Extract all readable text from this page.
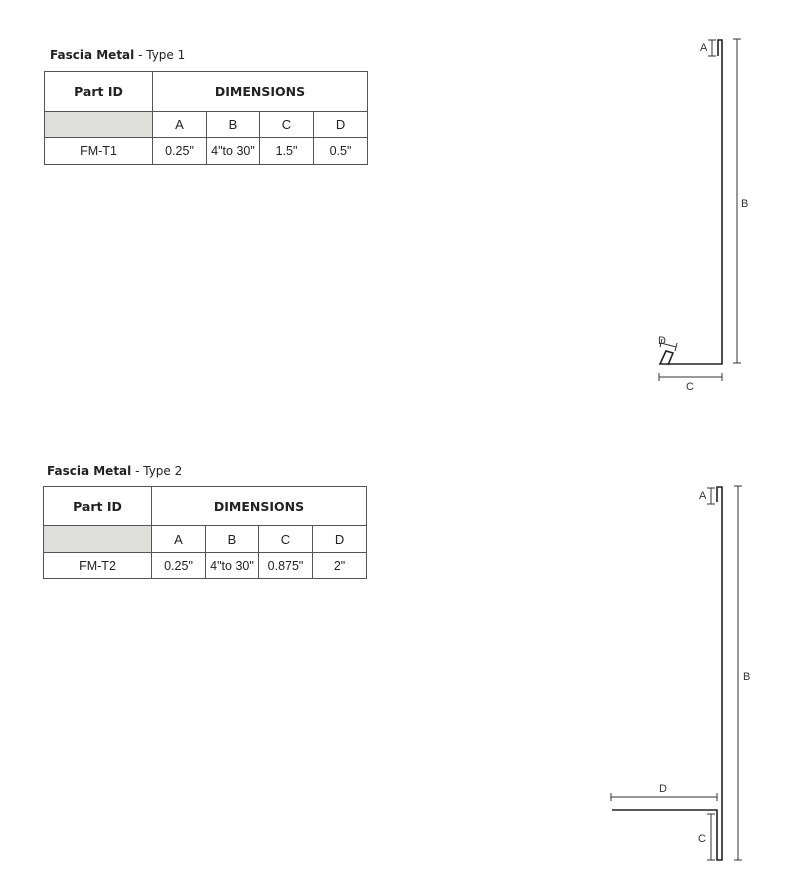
Fascia Metal - Type 1
Part ID	DIMENSIONS			
	A	B	C	D
FM-T1	0.25"	4"to 30"	1.5"	0.5"
Fascia Metal - Type 2
Part ID	DIMENSIONS			
	A	B	C	D
FM-T2	0.25"	4"to 30"	0.875"	2"
A
B
C
D
A
B
C
D
